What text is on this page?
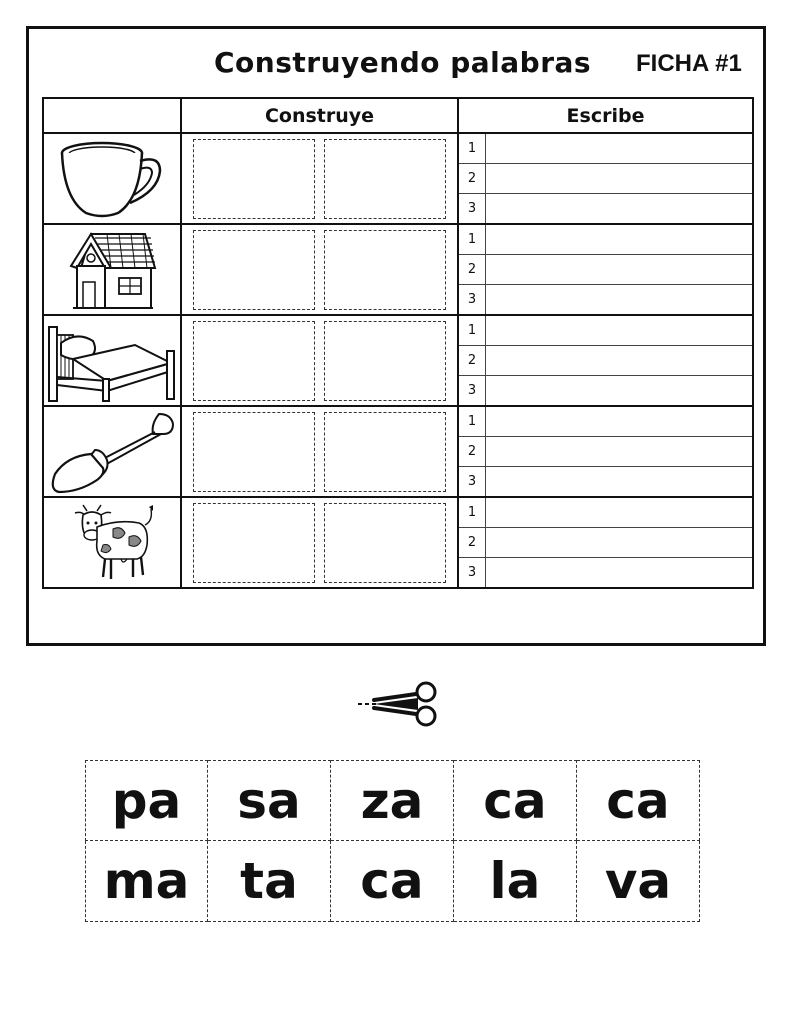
Construyendo palabras FICHA #1
	Construye	Escribe

1
2
3

1
2
3

1
2
3

1
2
3

1
2
3
pa	sa	za	ca	ca
ma	ta	ca	la	va
